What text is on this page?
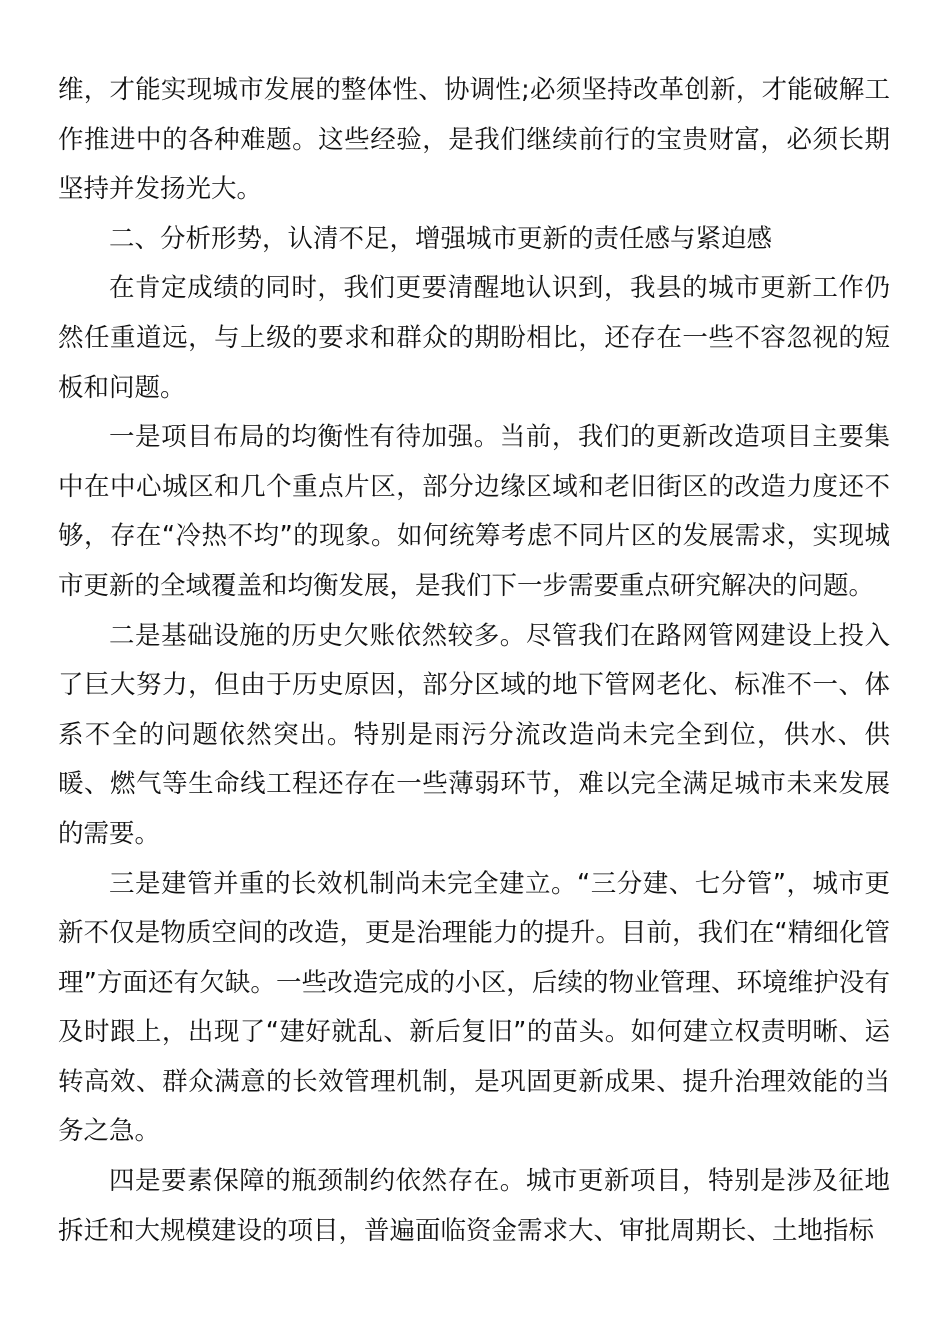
维，才能实现城市发展的整体性、协调性;必须坚持改革创新，才能破解工作推进中的各种难题。这些经验，是我们继续前行的宝贵财富，必须长期坚持并发扬光大。

二、分析形势，认清不足，增强城市更新的责任感与紧迫感

在肯定成绩的同时，我们更要清醒地认识到，我县的城市更新工作仍然任重道远，与上级的要求和群众的期盼相比，还存在一些不容忽视的短板和问题。

一是项目布局的均衡性有待加强。当前，我们的更新改造项目主要集中在中心城区和几个重点片区，部分边缘区域和老旧街区的改造力度还不够，存在“冷热不均”的现象。如何统筹考虑不同片区的发展需求，实现城市更新的全域覆盖和均衡发展，是我们下一步需要重点研究解决的问题。

二是基础设施的历史欠账依然较多。尽管我们在路网管网建设上投入了巨大努力，但由于历史原因，部分区域的地下管网老化、标准不一、体系不全的问题依然突出。特别是雨污分流改造尚未完全到位，供水、供暖、燃气等生命线工程还存在一些薄弱环节，难以完全满足城市未来发展的需要。

三是建管并重的长效机制尚未完全建立。“三分建、七分管”，城市更新不仅是物质空间的改造，更是治理能力的提升。目前，我们在“精细化管理”方面还有欠缺。一些改造完成的小区，后续的物业管理、环境维护没有及时跟上，出现了“建好就乱、新后复旧”的苗头。如何建立权责明晰、运转高效、群众满意的长效管理机制，是巩固更新成果、提升治理效能的当务之急。

四是要素保障的瓶颈制约依然存在。城市更新项目，特别是涉及征地拆迁和大规模建设的项目，普遍面临资金需求大、审批周期长、土地指标
